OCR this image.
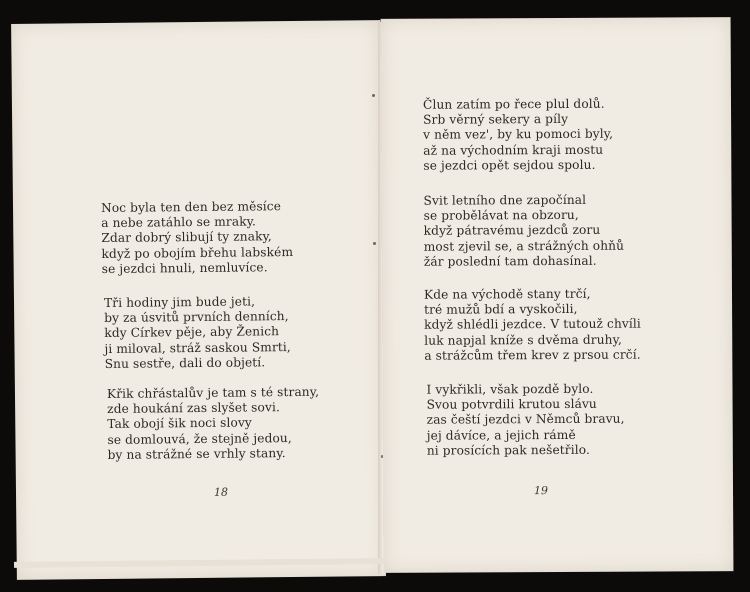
Noc byla ten den bez měsíce
a nebe zatáhlo se mraky.
Zdar dobrý slibují ty znaky,
když po obojím břehu labském
se jezdci hnuli, nemluvíce.

Tři hodiny jim bude jeti,
by za úsvitů prvních denních,
kdy Církev pěje, aby Ženich
ji miloval, stráž saskou Smrti,
Snu sestře, dali do objetí.

Křik chřástalův je tam s té strany,
zde houkání zas slyšet sovi.
Tak obojí šik noci slovy
se domlouvá, že stejně jedou,
by na strážné se vrhly stany.

18

Člun zatím po řece plul dolů.
Srb věrný sekery a píly
v něm vez', by ku pomoci byly,
až na východním kraji mostu
se jezdci opět sejdou spolu.

Svit letního dne započínal
se probělávat na obzoru,
když pátravému jezdců zoru
most zjevil se, a strážných ohňů
žár poslední tam dohasínal.

Kde na východě stany trčí,
tré mužů bdí a vyskočili,
když shlédli jezdce. V tutouž chvíli
luk napjal kníže s dvěma druhy,
a strážcům třem krev z prsou crčí.

I vykřikli, však pozdě bylo.
Svou potvrdili krutou slávu
zas čeští jezdci v Němců bravu,
jej dávíce, a jejich rámě
ni prosících pak nešetřilo.

19
